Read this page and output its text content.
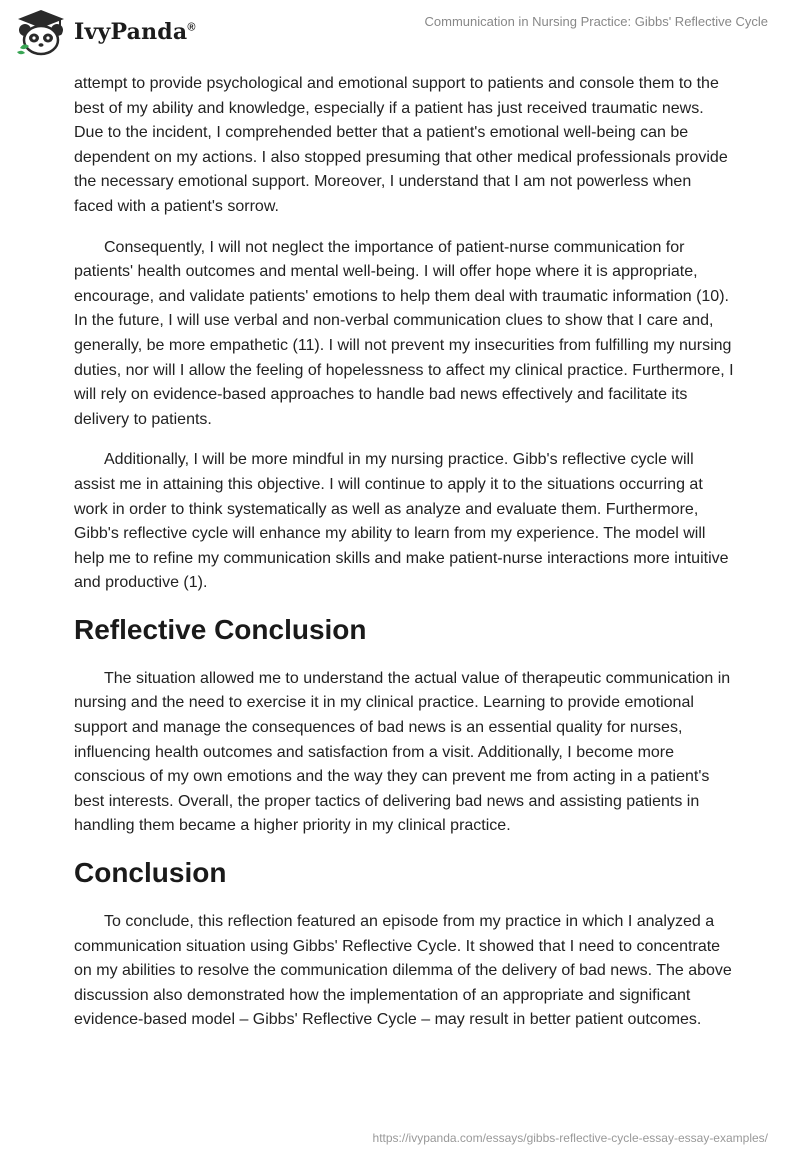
IvyPanda®	Communication in Nursing Practice: Gibbs' Reflective Cycle

attempt to provide psychological and emotional support to patients and console them to the best of my ability and knowledge, especially if a patient has just received traumatic news. Due to the incident, I comprehended better that a patient's emotional well-being can be dependent on my actions. I also stopped presuming that other medical professionals provide the necessary emotional support. Moreover, I understand that I am not powerless when faced with a patient's sorrow.

Consequently, I will not neglect the importance of patient-nurse communication for patients' health outcomes and mental well-being. I will offer hope where it is appropriate, encourage, and validate patients' emotions to help them deal with traumatic information (10). In the future, I will use verbal and non-verbal communication clues to show that I care and, generally, be more empathetic (11). I will not prevent my insecurities from fulfilling my nursing duties, nor will I allow the feeling of hopelessness to affect my clinical practice. Furthermore, I will rely on evidence-based approaches to handle bad news effectively and facilitate its delivery to patients.

Additionally, I will be more mindful in my nursing practice. Gibb's reflective cycle will assist me in attaining this objective. I will continue to apply it to the situations occurring at work in order to think systematically as well as analyze and evaluate them. Furthermore, Gibb's reflective cycle will enhance my ability to learn from my experience. The model will help me to refine my communication skills and make patient-nurse interactions more intuitive and productive (1).

Reflective Conclusion

The situation allowed me to understand the actual value of therapeutic communication in nursing and the need to exercise it in my clinical practice. Learning to provide emotional support and manage the consequences of bad news is an essential quality for nurses, influencing health outcomes and satisfaction from a visit. Additionally, I become more conscious of my own emotions and the way they can prevent me from acting in a patient's best interests. Overall, the proper tactics of delivering bad news and assisting patients in handling them became a higher priority in my clinical practice.

Conclusion

To conclude, this reflection featured an episode from my practice in which I analyzed a communication situation using Gibbs' Reflective Cycle. It showed that I need to concentrate on my abilities to resolve the communication dilemma of the delivery of bad news. The above discussion also demonstrated how the implementation of an appropriate and significant evidence-based model – Gibbs' Reflective Cycle – may result in better patient outcomes.

https://ivypanda.com/essays/gibbs-reflective-cycle-essay-essay-examples/
